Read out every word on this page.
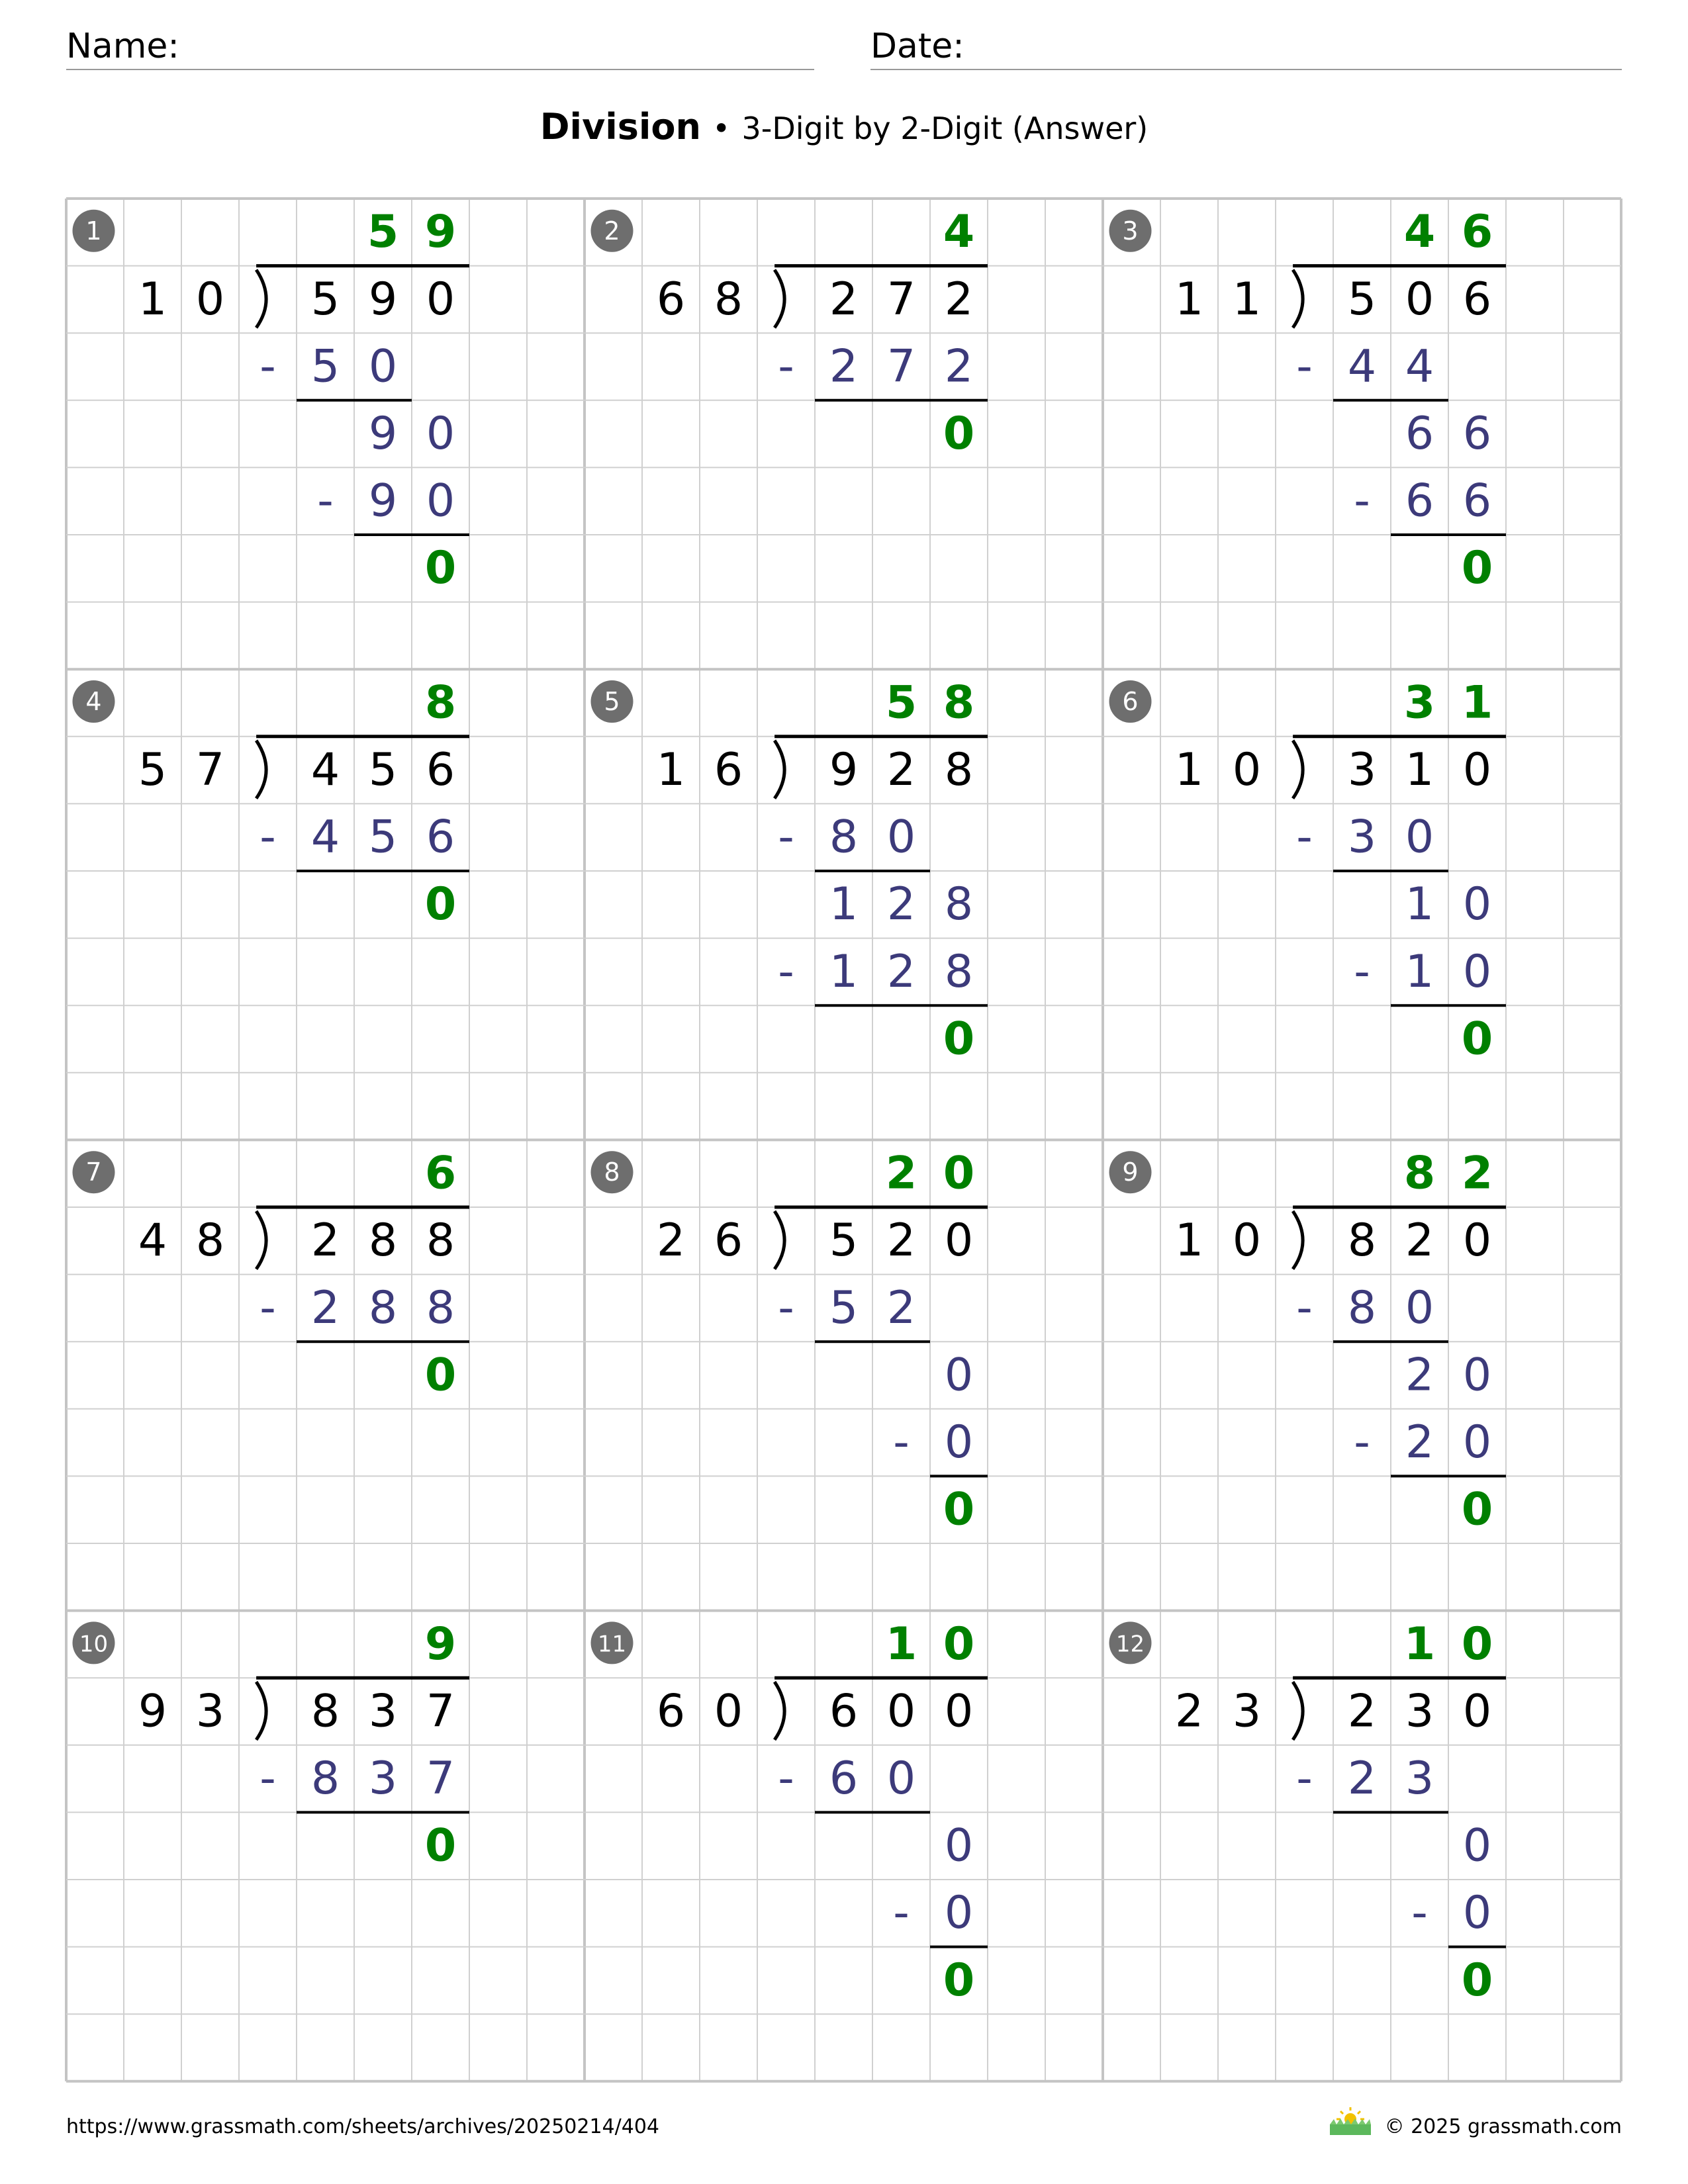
Name:	Date:
Division • 3-Digit by 2-Digit (Answer)
1
1 0 5 9 0
5 9
- 5 0
9 0
- 9 0
0
2
6 8 2 7 2
4
- 2 7 2
0
3
1 1 5 0 6
4 6
- 4 4
6 6
- 6 6
0
4
5 7 4 5 6
8
- 4 5 6
0
5
1 6 9 2 8
5 8
- 8 0
1 2 8
- 1 2 8
0
6
1 0 3 1 0
3 1
- 3 0
1 0
- 1 0
0
7
4 8 2 8 8
6
- 2 8 8
0
8
2 6 5 2 0
2 0
- 5 2
0
- 0
0
9
1 0 8 2 0
8 2
- 8 0
2 0
- 2 0
0
10
9 3 8 3 7
9
- 8 3 7
0
11
6 0 6 0 0
1 0
- 6 0
0
- 0
0
12
2 3 2 3 0
1 0
- 2 3
0
- 0
0
https://www.grassmath.com/sheets/archives/20250214/404	© 2025 grassmath.com
